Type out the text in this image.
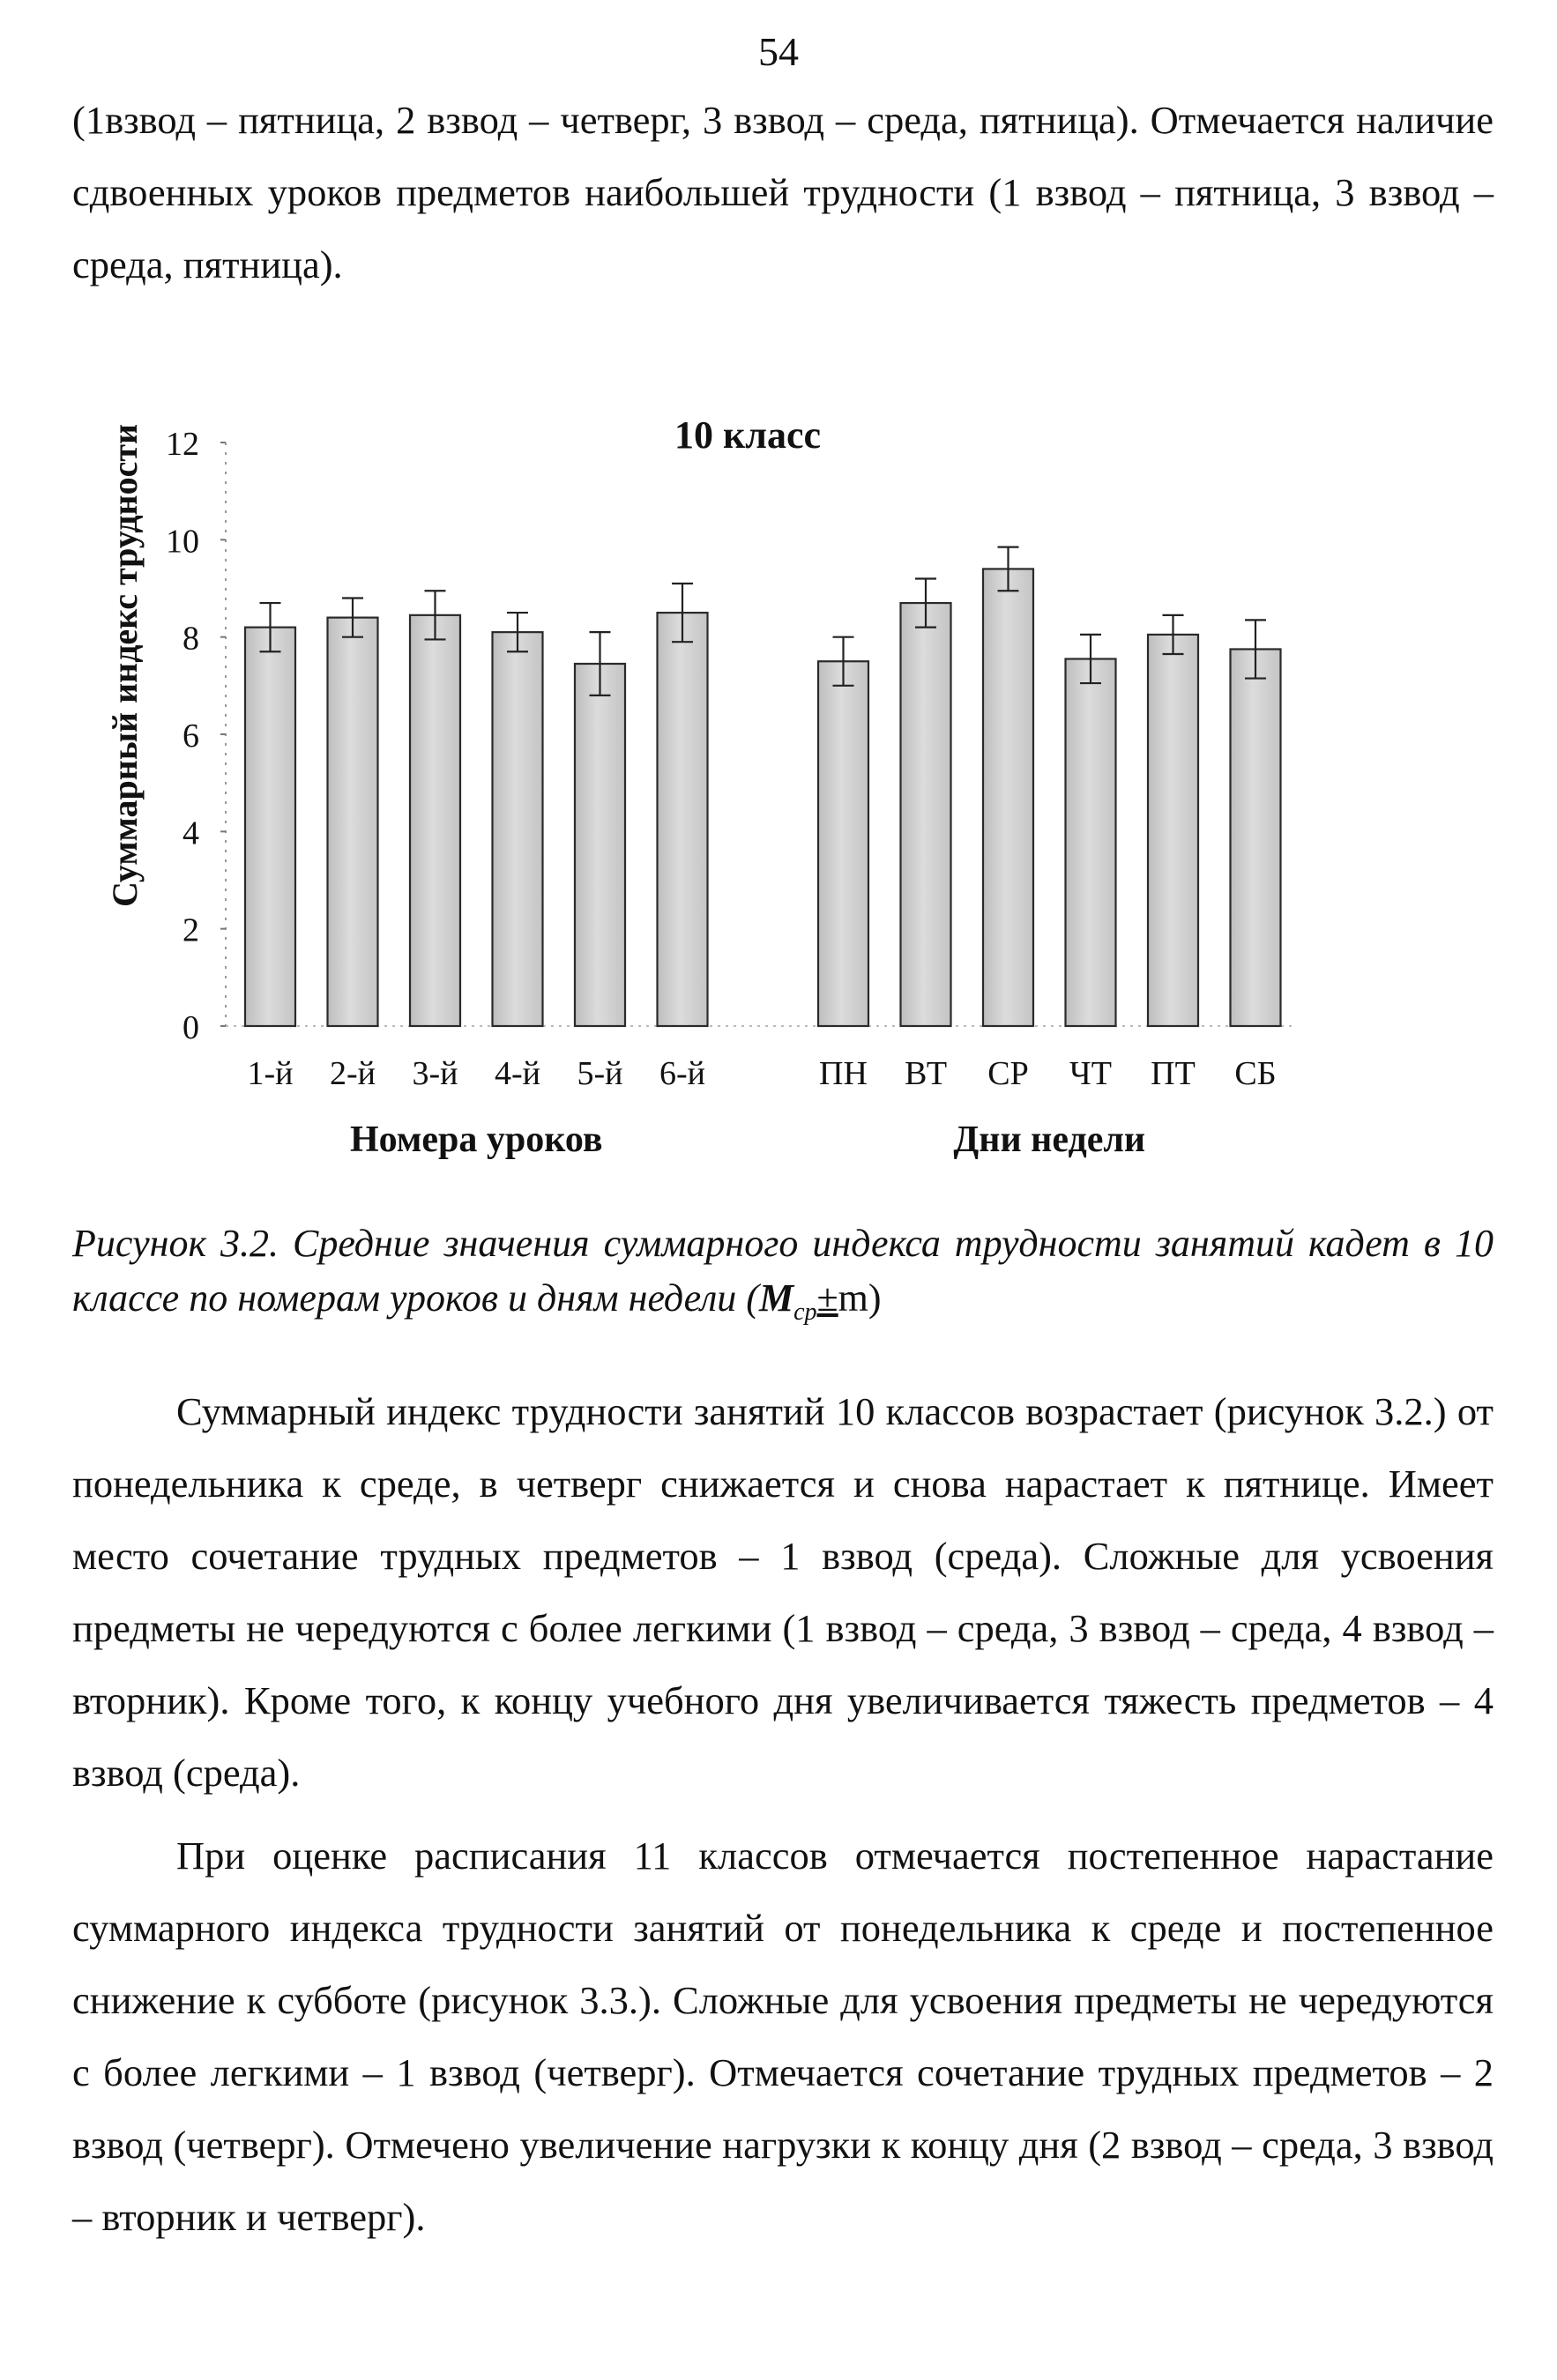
54

(1взвод – пятница, 2 взвод – четверг, 3 взвод – среда, пятница). Отмечается наличие сдвоенных уроков предметов наибольшей трудности (1 взвод – пятница, 3 взвод – среда, пятница).

10 класс
Суммарный индекс трудности
0
2
4
6
8
10
12
1-й 2-й 3-й 4-й 5-й 6-й	ПН ВТ СР ЧТ ПТ СБ
Номера уроков	Дни недели
Рисунок 3.2. Средние значения суммарного индекса трудности занятий кадет в 10 классе по номерам уроков и дням недели $(M_{ср}\pm m)$

Суммарный индекс трудности занятий 10 классов возрастает (рисунок 3.2.) от понедельника к среде, в четверг снижается и снова нарастает к пятнице. Имеет место сочетание трудных предметов – 1 взвод (среда). Сложные для усвоения предметы не чередуются с более легкими (1 взвод – среда, 3 взвод – среда, 4 взвод – вторник). Кроме того, к концу учебного дня увеличивается тяжесть предметов – 4 взвод (среда).

При оценке расписания 11 классов отмечается постепенное нарастание суммарного индекса трудности занятий от понедельника к среде и постепенное снижение к субботе (рисунок 3.3.). Сложные для усвоения предметы не чередуются с более легкими – 1 взвод (четверг). Отмечается сочетание трудных предметов – 2 взвод (четверг). Отмечено увеличение нагрузки к концу дня (2 взвод – среда, 3 взвод – вторник и четверг).
